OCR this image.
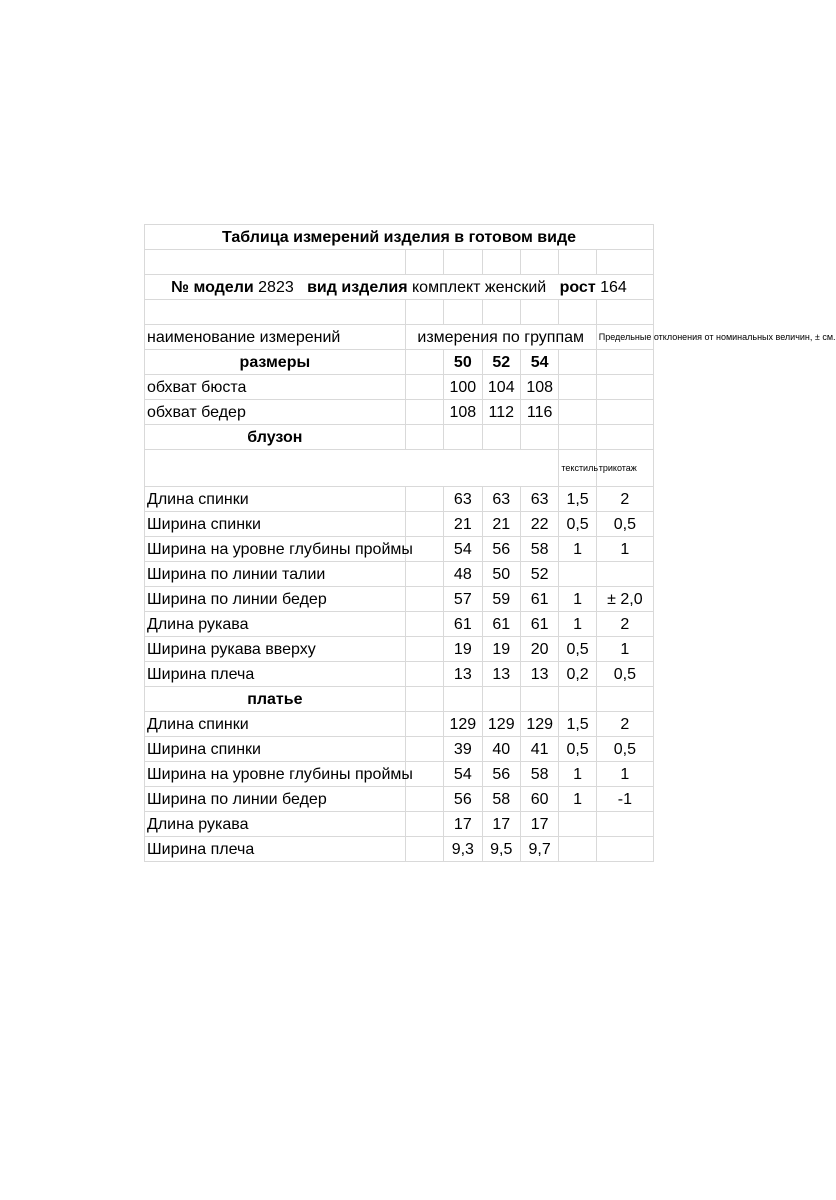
Таблица измерений изделия в готовом виде						

№ модели 2823 вид изделия комплект женский рост 164						

наименование измерений	измерения по группам					Предельные отклонения от номинальных величин, ± см.
размеры		50	52	54		
обхват бюста		100	104	108		
обхват бедер		108	112	116		
блузон						
					текстиль	трикотаж
Длина спинки		63	63	63	1,5	2
Ширина спинки		21	21	22	0,5	0,5
Ширина на уровне глубины проймы		54	56	58	1	1
Ширина по линии талии		48	50	52		
Ширина по линии бедер		57	59	61	1	± 2,0
Длина рукава		61	61	61	1	2
Ширина рукава вверху		19	19	20	0,5	1
Ширина плеча		13	13	13	0,2	0,5
платье						
Длина спинки		129	129	129	1,5	2
Ширина спинки		39	40	41	0,5	0,5
Ширина на уровне глубины проймы		54	56	58	1	1
Ширина по линии бедер		56	58	60	1	-1
Длина рукава		17	17	17		
Ширина плеча		9,3	9,5	9,7		
